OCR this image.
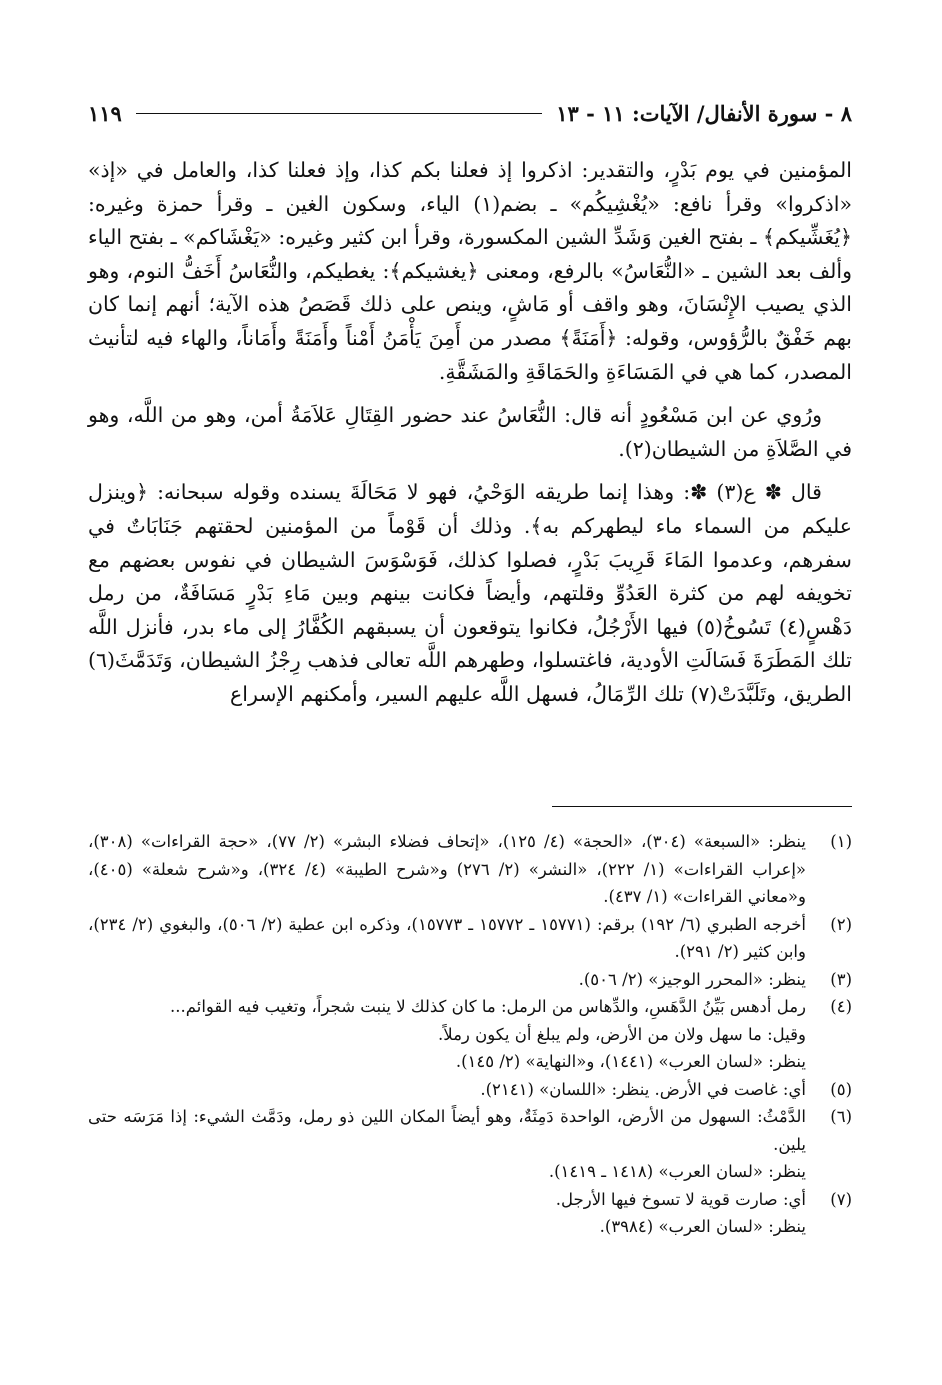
٨ - سورة الأنفال/ الآيات: ١١ - ١٣
١١٩

المؤمنين في يوم بَدْرٍ، والتقدير: اذكروا إذ فعلنا بكم كذا، وإذ فعلنا كذا، والعامل في «إذ» «اذكروا» وقرأ نافع: «يُغْشِيكُم» ـ بضم(١) الياء، وسكون الغين ـ وقرأ حمزة وغيره: ﴿يُغَشِّيكم﴾ ـ بفتح الغين وَشَدِّ الشين المكسورة، وقرأ ابن كثير وغيره: «يَغْشَاكم» ـ بفتح الياء وألف بعد الشين ـ «النُّعَاسُ» بالرفع، ومعنى ﴿يغشيكم﴾: يغطيكم، والنُّعَاسُ أَخَفُّ النوم، وهو الذي يصيب الإِنْسَانَ، وهو واقف أو مَاشٍ، وينص على ذلك قَصَصُ هذه الآية؛ أنهم إنما كان بهم خَفْقٌ بالرُّؤوس، وقوله: ﴿أَمَنَةً﴾ مصدر من أَمِنَ يَأْمَنُ أَمْناً وأَمَنَةً وأَمَاناً، والهاء فيه لتأنيث المصدر، كما هي في المَسَاءَةِ والحَمَاقَةِ والمَشَقَّةِ.

ورُوي عن ابن مَسْعُودٍ أنه قال: النُّعَاسُ عند حضور القِتَالِ عَلاَمَةُ أمن، وهو من اللَّه، وهو في الصَّلاَةِ من الشيطان(٢).

قال ✽ ع(٣) ✽: وهذا إنما طريقه الوَحْيُ، فهو لا مَحَالَةَ يسنده وقوله سبحانه: ﴿وينزل عليكم من السماء ماء ليطهركم به﴾. وذلك أن قَوْماً من المؤمنين لحقتهم جَنَابَاتٌ في سفرهم، وعدموا المَاءَ قَرِيبَ بَدْرٍ، فصلوا كذلك، فَوَسْوَسَ الشيطان في نفوس بعضهم مع تخويفه لهم من كثرة العَدُوِّ وقلتهم، وأيضاً فكانت بينهم وبين مَاءِ بَدْرٍ مَسَافَةٌ، من رمل دَهْسٍ(٤) تَسُوخُ(٥) فيها الأَرْجُلُ، فكانوا يتوقعون أن يسبقهم الكُفَّارُ إلى ماء بدر، فأنزل اللَّه تلك المَطَرَةَ فَسَالَتِ الأودية، فاغتسلوا، وطهرهم اللَّه تعالى فذهب رِجْزُ الشيطان، وَتَدَمَّثَ(٦) الطريق، وتَلَبَّدَتْ(٧) تلك الرِّمَالُ، فسهل اللَّه عليهم السير، وأمكنهم الإسراع

(١)
ينظر: «السبعة» (٣٠٤)، «الحجة» (٤/ ١٢٥)، «إتحاف فضلاء البشر» (٢/ ٧٧)، «حجة القراءات» (٣٠٨)، «إعراب القراءات» (١/ ٢٢٢)، «النشر» (٢/ ٢٧٦) و«شرح الطيبة» (٤/ ٣٢٤)، و«شرح شعلة» (٤٠٥)، و«معاني القراءات» (١/ ٤٣٧).
(٢)
أخرجه الطبري (٦/ ١٩٢) برقم: (١٥٧٧١ ـ ١٥٧٧٢ ـ ١٥٧٧٣)، وذكره ابن عطية (٢/ ٥٠٦)، والبغوي (٢/ ٢٣٤)، وابن كثير (٢/ ٢٩١).
(٣)
ينظر: «المحرر الوجيز» (٢/ ٥٠٦).
(٤)
رمل أدهس بَيِّنُ الدَّهَسِ، والدِّهاس من الرمل: ما كان كذلك لا ينبت شجراً، وتغيب فيه القوائم...
وقيل: ما سهل ولان من الأرض، ولم يبلغ أن يكون رملاً.
ينظر: «لسان العرب» (١٤٤١)، و«النهاية» (٢/ ١٤٥).
(٥)
أي: غاصت في الأرض. ينظر: «اللسان» (٢١٤١).
(٦)
الدَّمْثُ: السهول من الأرض، الواحدة دَمِثَةٌ، وهو أيضاً المكان اللين ذو رمل، ودَمَّث الشيء: إذا مَرَسَه حتى يلين.
ينظر: «لسان العرب» (١٤١٨ ـ ١٤١٩).
(٧)
أي: صارت قوية لا تسوخ فيها الأرجل.
ينظر: «لسان العرب» (٣٩٨٤).
